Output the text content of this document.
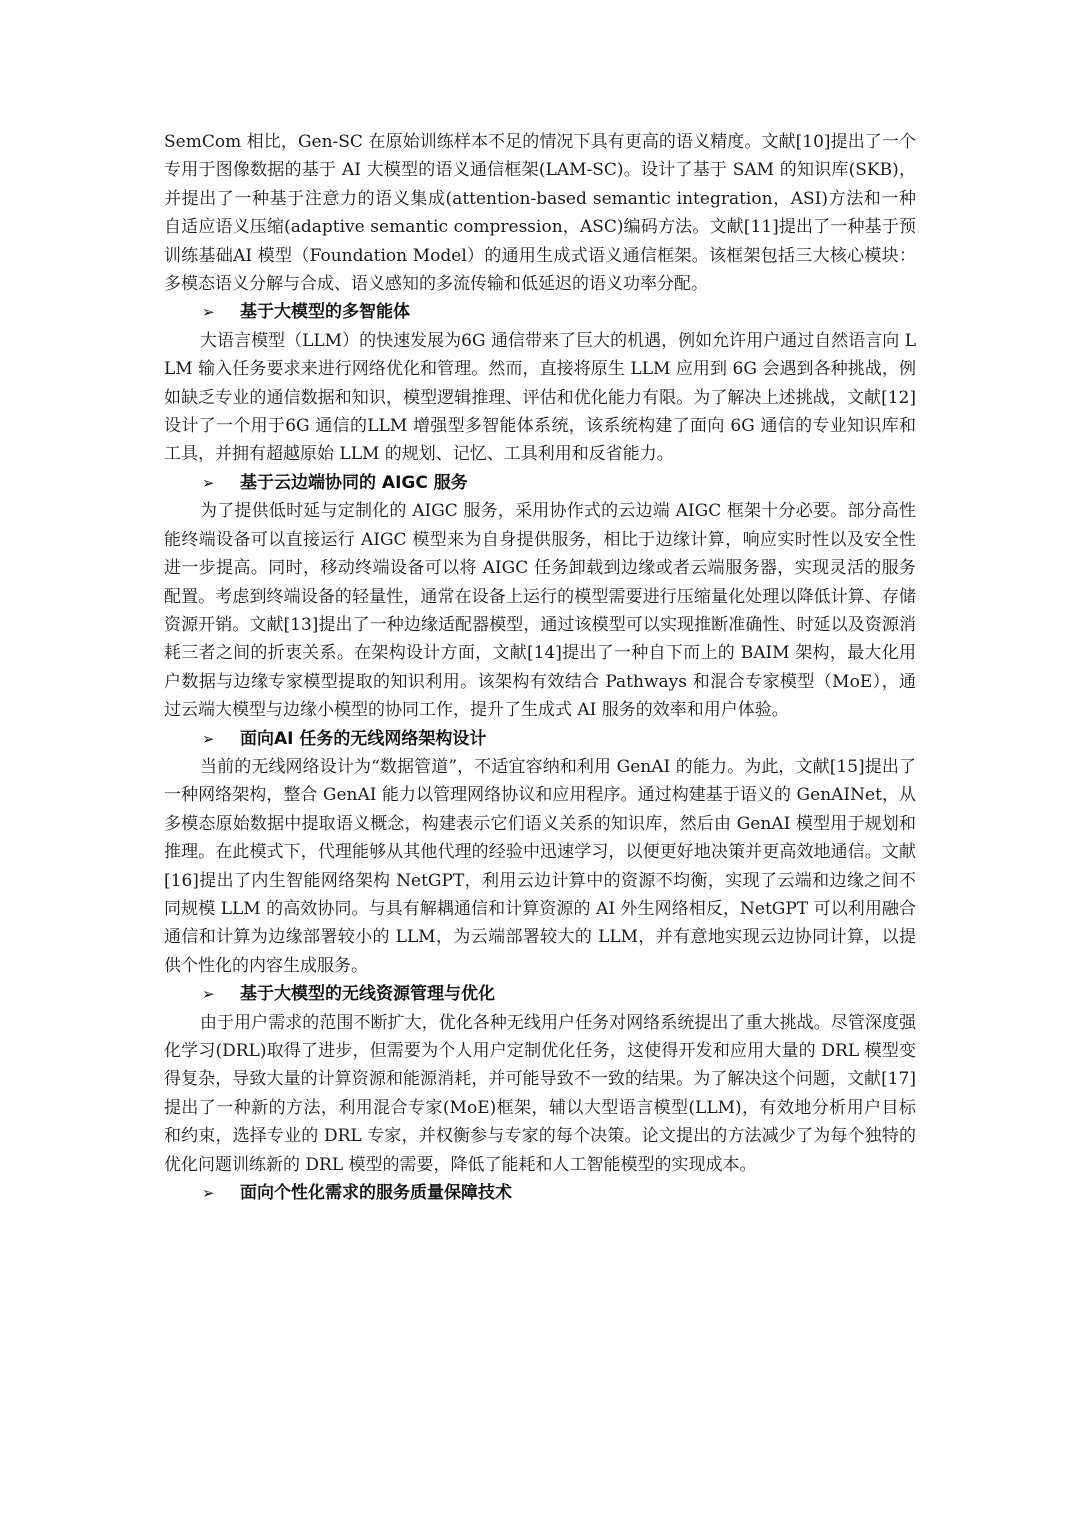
SemCom 相比，Gen-SC 在原始训练样本不足的情况下具有更高的语义精度。文献[10]提出了一个专用于图像数据的基于 AI 大模型的语义通信框架(LAM-SC)。设计了基于 SAM 的知识库(SKB)，并提出了一种基于注意力的语义集成(attention-based semantic integration，ASI)方法和一种自适应语义压缩(adaptive semantic compression，ASC)编码方法。文献[11]提出了一种基于预训练基础AI 模型（Foundation Model）的通用生成式语义通信框架。该框架包括三大核心模块：多模态语义分解与合成、语义感知的多流传输和低延迟的语义功率分配。

➢	基于大模型的多智能体

大语言模型（LLM）的快速发展为6G 通信带来了巨大的机遇，例如允许用户通过自然语言向 LLM 输入任务要求来进行网络优化和管理。然而，直接将原生 LLM 应用到 6G 会遇到各种挑战，例如缺乏专业的通信数据和知识，模型逻辑推理、评估和优化能力有限。为了解决上述挑战，文献[12]设计了一个用于6G 通信的LLM 增强型多智能体系统，该系统构建了面向 6G 通信的专业知识库和工具，并拥有超越原始 LLM 的规划、记忆、工具利用和反省能力。

➢	基于云边端协同的 AIGC 服务

为了提供低时延与定制化的 AIGC 服务，采用协作式的云边端 AIGC 框架十分必要。部分高性能终端设备可以直接运行 AIGC 模型来为自身提供服务，相比于边缘计算，响应实时性以及安全性进一步提高。同时，移动终端设备可以将 AIGC 任务卸载到边缘或者云端服务器，实现灵活的服务配置。考虑到终端设备的轻量性，通常在设备上运行的模型需要进行压缩量化处理以降低计算、存储资源开销。文献[13]提出了一种边缘适配器模型，通过该模型可以实现推断准确性、时延以及资源消耗三者之间的折衷关系。在架构设计方面，文献[14]提出了一种自下而上的 BAIM 架构，最大化用户数据与边缘专家模型提取的知识利用。该架构有效结合 Pathways 和混合专家模型（MoE），通过云端大模型与边缘小模型的协同工作，提升了生成式 AI 服务的效率和用户体验。

➢	面向AI 任务的无线网络架构设计

当前的无线网络设计为“数据管道”，不适宜容纳和利用 GenAI 的能力。为此，文献[15]提出了一种网络架构，整合 GenAI 能力以管理网络协议和应用程序。通过构建基于语义的 GenAINet，从多模态原始数据中提取语义概念，构建表示它们语义关系的知识库，然后由 GenAI 模型用于规划和推理。在此模式下，代理能够从其他代理的经验中迅速学习，以便更好地决策并更高效地通信。文献[16]提出了内生智能网络架构 NetGPT，利用云边计算中的资源不均衡，实现了云端和边缘之间不同规模 LLM 的高效协同。与具有解耦通信和计算资源的 AI 外生网络相反，NetGPT 可以利用融合通信和计算为边缘部署较小的 LLM，为云端部署较大的 LLM，并有意地实现云边协同计算，以提供个性化的内容生成服务。

➢	基于大模型的无线资源管理与优化

由于用户需求的范围不断扩大，优化各种无线用户任务对网络系统提出了重大挑战。尽管深度强化学习(DRL)取得了进步，但需要为个人用户定制优化任务，这使得开发和应用大量的 DRL 模型变得复杂，导致大量的计算资源和能源消耗，并可能导致不一致的结果。为了解决这个问题，文献[17]提出了一种新的方法，利用混合专家(MoE)框架，辅以大型语言模型(LLM)，有效地分析用户目标和约束，选择专业的 DRL 专家，并权衡参与专家的每个决策。论文提出的方法减少了为每个独特的优化问题训练新的 DRL 模型的需要，降低了能耗和人工智能模型的实现成本。

➢	面向个性化需求的服务质量保障技术
